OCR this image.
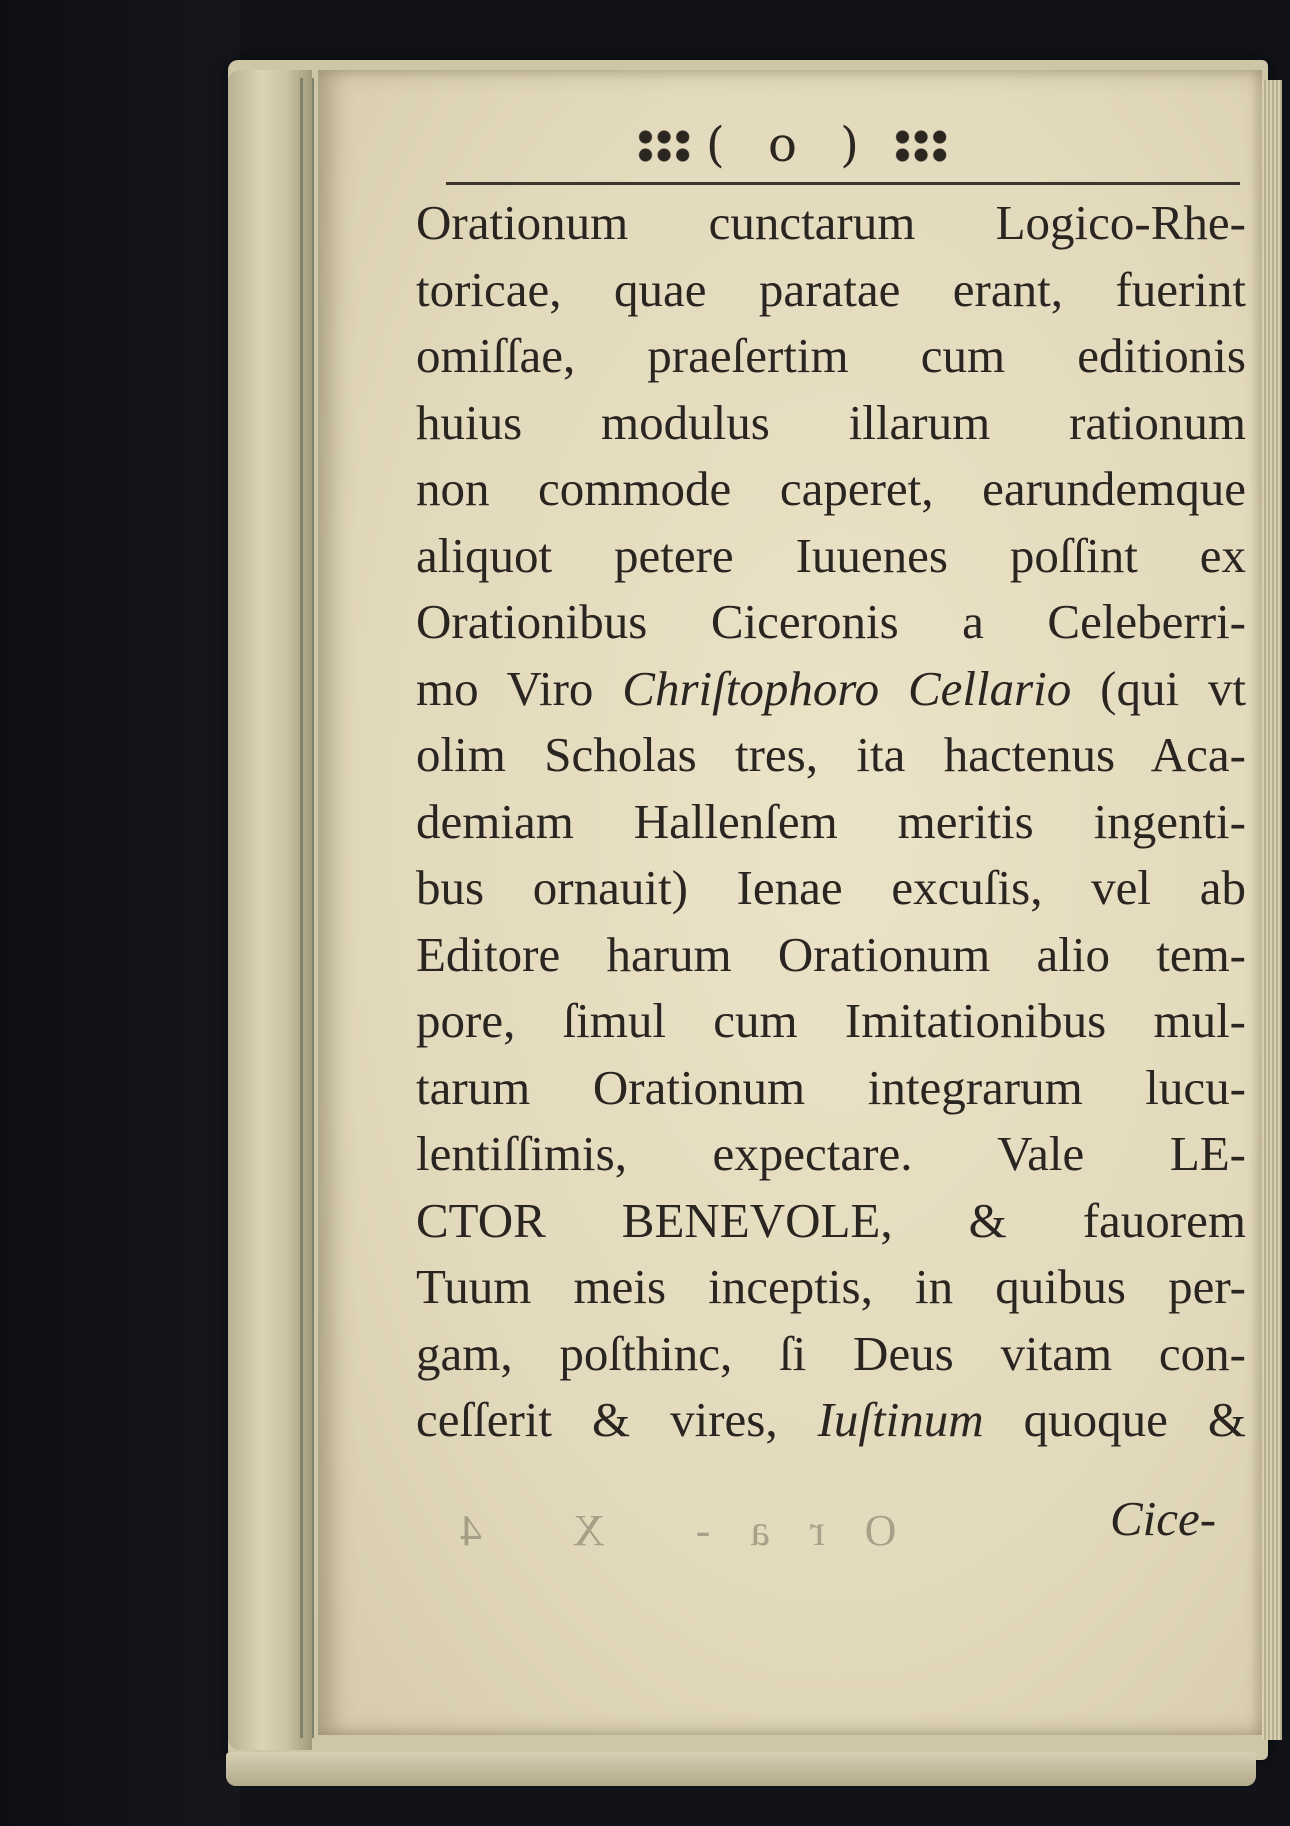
( o )
Orationum cunctarum Logico-Rhe-
toricae, quae paratae erant, fuerint
omiſſae, praeſertim cum editionis
huius modulus illarum rationum
non commode caperet, earundemque
aliquot petere Iuuenes poſſint ex
Orationibus Ciceronis a Celeberri-
mo Viro Chriſtophoro Cellario (qui vt
olim Scholas tres, ita hactenus Aca-
demiam Hallenſem meritis ingenti-
bus ornauit) Ienae excuſis, vel ab
Editore harum Orationum alio tem-
pore, ſimul cum Imitationibus mul-
tarum Orationum integrarum lucu-
lentiſſimis, expectare. Vale LE-
CTOR BENEVOLE, & fauorem
Tuum meis inceptis, in quibus per-
gam, poſthinc, ſi Deus vitam con-
ceſſerit & vires, Iuſtinum quoque &
Ora- X 4	Cice-
